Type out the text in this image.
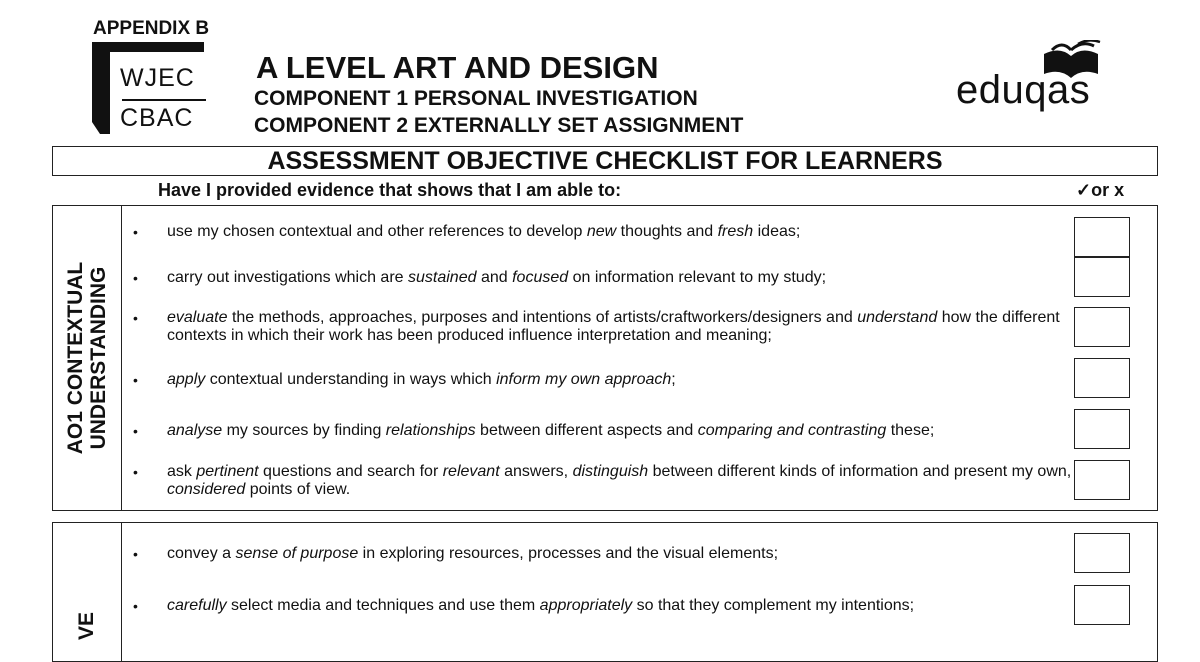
APPENDIX B
WJEC
CBAC
A LEVEL ART AND DESIGN
COMPONENT 1 PERSONAL INVESTIGATION
COMPONENT 2 EXTERNALLY SET ASSIGNMENT
eduqas
ASSESSMENT OBJECTIVE CHECKLIST FOR LEARNERS
Have I provided evidence that shows that I am able to:	✓or x
AO1 CONTEXTUAL UNDERSTANDING
• use my chosen contextual and other references to develop new thoughts and fresh ideas;
• carry out investigations which are sustained and focused on information relevant to my study;
• evaluate the methods, approaches, purposes and intentions of artists/craftworkers/designers and understand how the different contexts in which their work has been produced influence interpretation and meaning;
• apply contextual understanding in ways which inform my own approach;
• analyse my sources by finding relationships between different aspects and comparing and contrasting these;
• ask pertinent questions and search for relevant answers, distinguish between different kinds of information and present my own, considered points of view.
VE
• convey a sense of purpose in exploring resources, processes and the visual elements;
• carefully select media and techniques and use them appropriately so that they complement my intentions;
